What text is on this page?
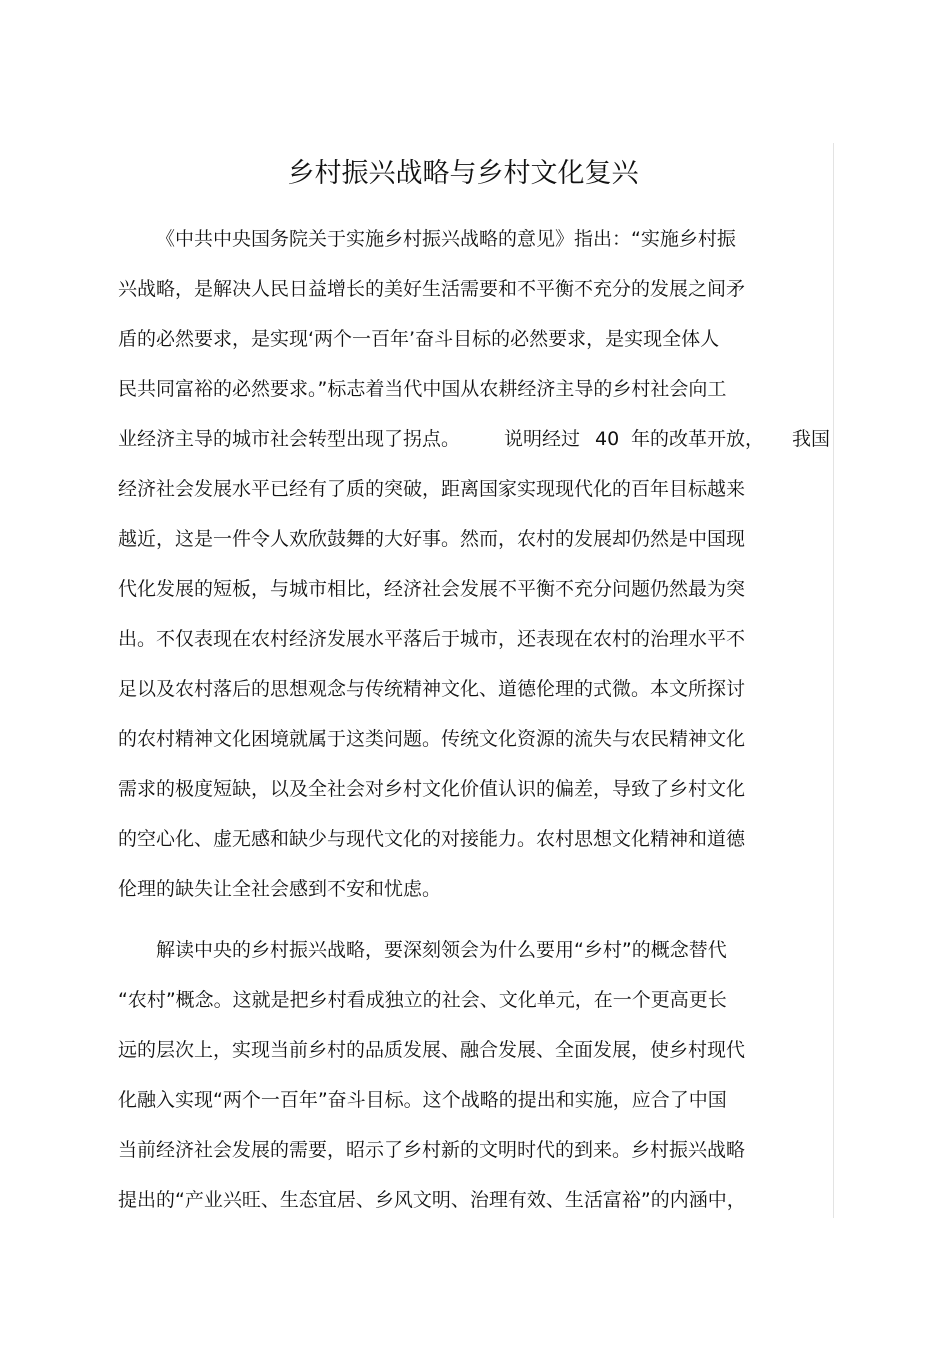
乡村振兴战略与乡村文化复兴
《中共中央国务院关于实施乡村振兴战略的意见》指出：“实施乡村振
兴战略，是解决人民日益增长的美好生活需要和不平衡不充分的发展之间矛
盾的必然要求，是实现‘两个一百年’奋斗目标的必然要求，是实现全体人
民共同富裕的必然要求。”标志着当代中国从农耕经济主导的乡村社会向工
业经济主导的城市社会转型出现了拐点。 说明经过 40 年的改革开放， 我国
经济社会发展水平已经有了质的突破，距离国家实现现代化的百年目标越来
越近，这是一件令人欢欣鼓舞的大好事。然而，农村的发展却仍然是中国现
代化发展的短板，与城市相比，经济社会发展不平衡不充分问题仍然最为突
出。不仅表现在农村经济发展水平落后于城市，还表现在农村的治理水平不
足以及农村落后的思想观念与传统精神文化、道德伦理的式微。本文所探讨
的农村精神文化困境就属于这类问题。传统文化资源的流失与农民精神文化
需求的极度短缺，以及全社会对乡村文化价值认识的偏差，导致了乡村文化
的空心化、虚无感和缺少与现代文化的对接能力。农村思想文化精神和道德
伦理的缺失让全社会感到不安和忧虑。
解读中央的乡村振兴战略，要深刻领会为什么要用“乡村”的概念替代
“农村”概念。这就是把乡村看成独立的社会、文化单元，在一个更高更长
远的层次上，实现当前乡村的品质发展、融合发展、全面发展，使乡村现代
化融入实现“两个一百年”奋斗目标。这个战略的提出和实施，应合了中国
当前经济社会发展的需要，昭示了乡村新的文明时代的到来。乡村振兴战略
提出的“产业兴旺、生态宜居、乡风文明、治理有效、生活富裕”的内涵中，
